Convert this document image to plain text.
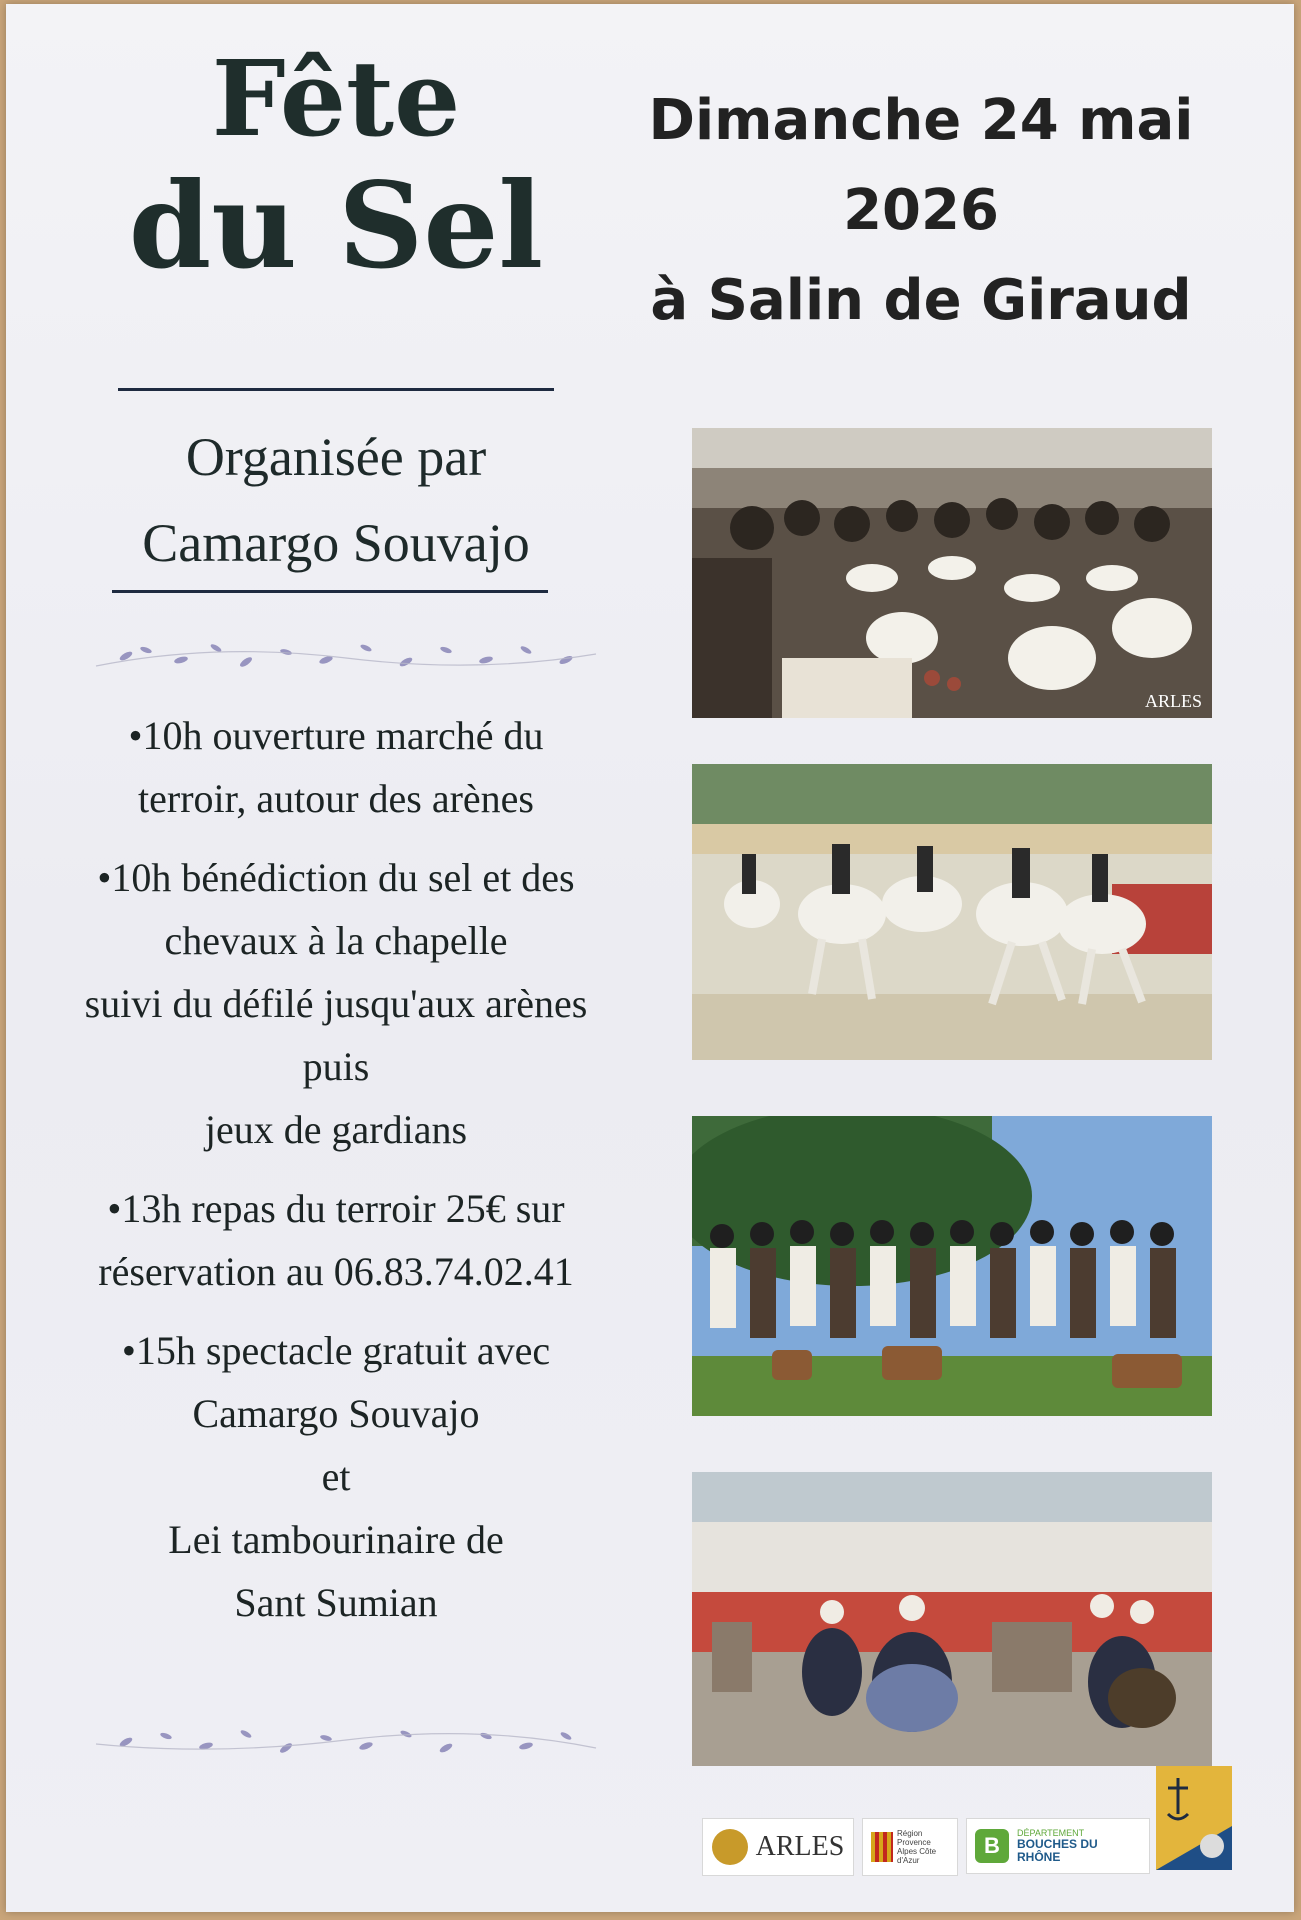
Fête
du Sel
Dimanche 24 mai
2026
à Salin de Giraud
Organisée par
Camargo Souvajo
•10h ouverture marché du
terroir, autour des arènes
•10h bénédiction du sel et des
chevaux à la chapelle
suivi du défilé jusqu'aux arènes
puis
jeux de gardians
•13h repas du terroir 25€ sur
réservation au 06.83.74.02.41
•15h spectacle gratuit avec
Camargo Souvajo
et
Lei tambourinaire de
Sant Sumian
ARLES
ARLES	Région Provence Alpes Côte d'Azur
B	DÉPARTEMENT
BOUCHES DU RHÔNE
